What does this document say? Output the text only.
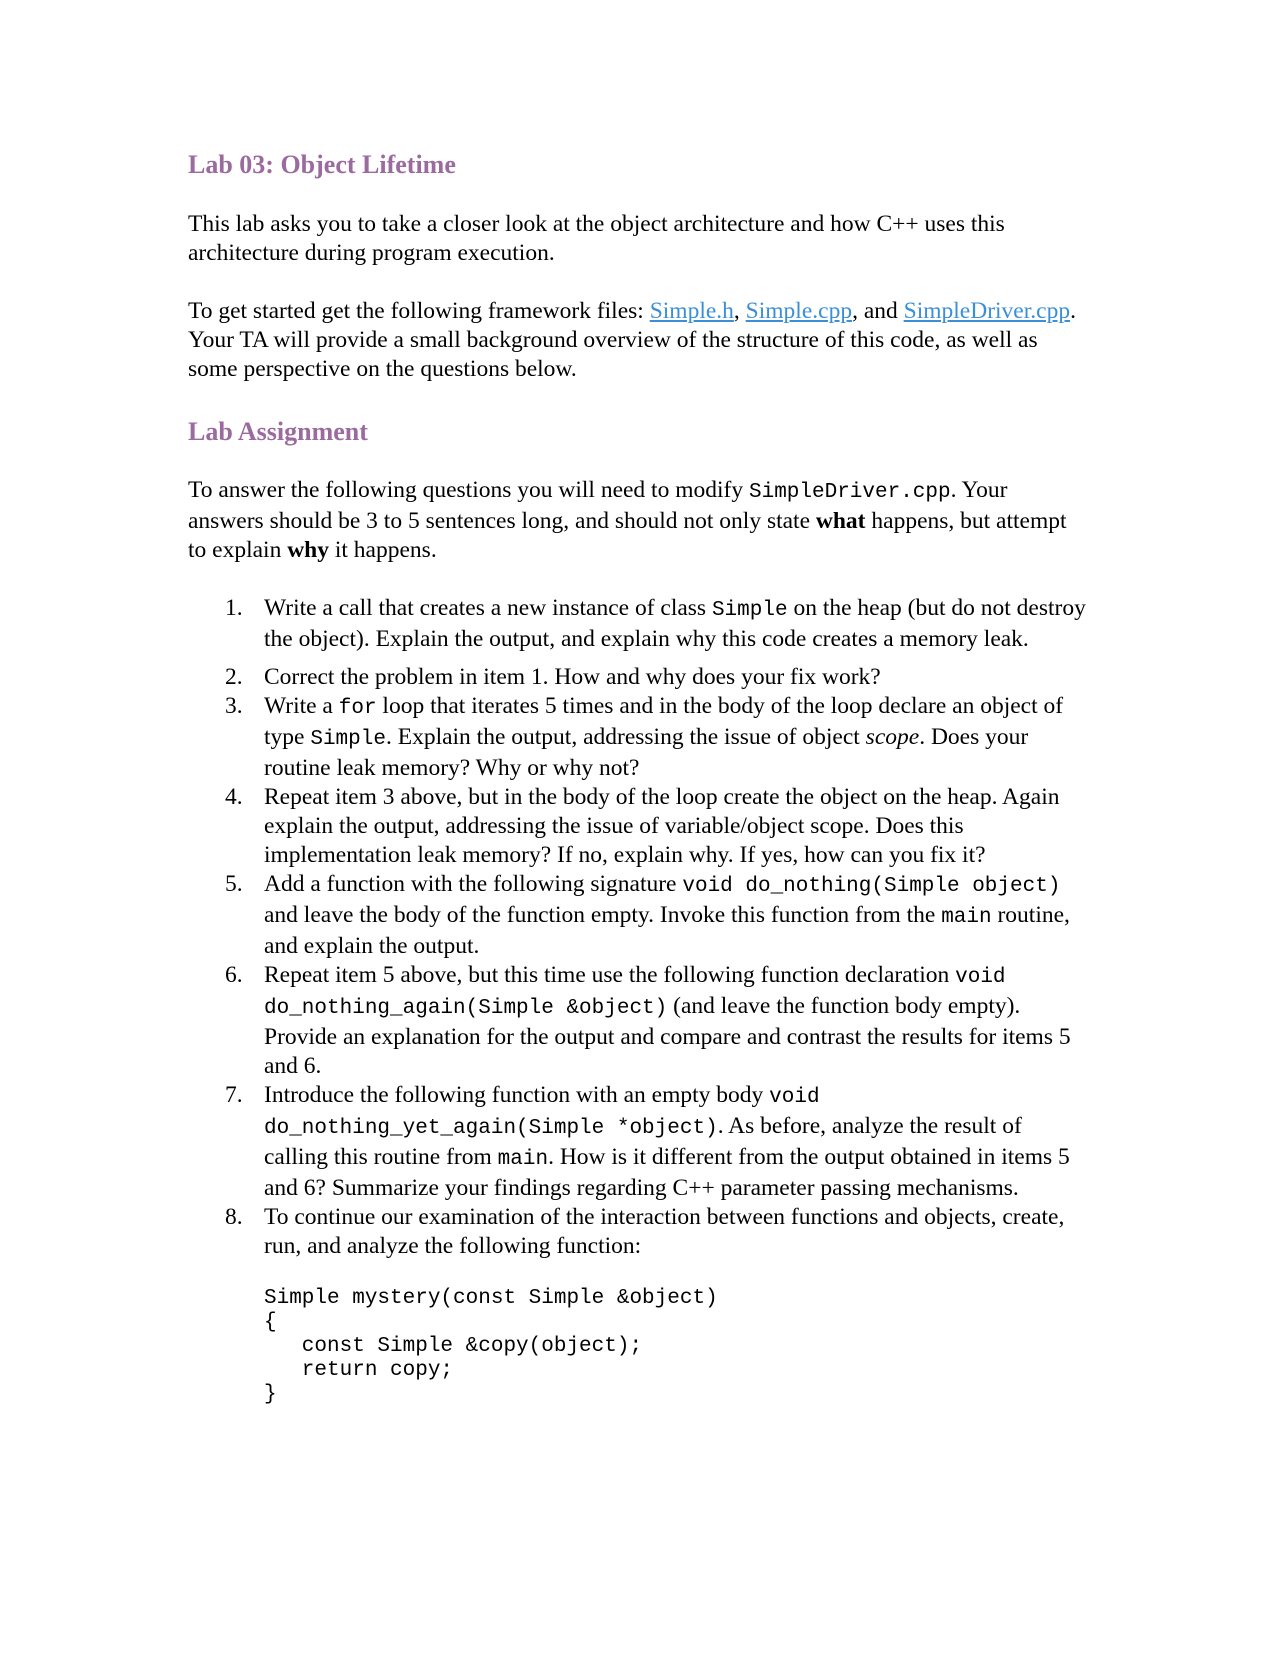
Lab 03: Object Lifetime

This lab asks you to take a closer look at the object architecture and how C++ uses this architecture during program execution.

To get started get the following framework files: Simple.h, Simple.cpp, and SimpleDriver.cpp. Your TA will provide a small background overview of the structure of this code, as well as some perspective on the questions below.

Lab Assignment

To answer the following questions you will need to modify SimpleDriver.cpp. Your answers should be 3 to 5 sentences long, and should not only state what happens, but attempt to explain why it happens.

1. Write a call that creates a new instance of class Simple on the heap (but do not destroy the object). Explain the output, and explain why this code creates a memory leak.
2. Correct the problem in item 1. How and why does your fix work?
3. Write a for loop that iterates 5 times and in the body of the loop declare an object of type Simple. Explain the output, addressing the issue of object scope. Does your routine leak memory? Why or why not?
4. Repeat item 3 above, but in the body of the loop create the object on the heap. Again explain the output, addressing the issue of variable/object scope. Does this implementation leak memory? If no, explain why. If yes, how can you fix it?
5. Add a function with the following signature void do_nothing(Simple object) and leave the body of the function empty. Invoke this function from the main routine, and explain the output.
6. Repeat item 5 above, but this time use the following function declaration void do_nothing_again(Simple &object) (and leave the function body empty). Provide an explanation for the output and compare and contrast the results for items 5 and 6.
7. Introduce the following function with an empty body void do_nothing_yet_again(Simple *object). As before, analyze the result of calling this routine from main. How is it different from the output obtained in items 5 and 6? Summarize your findings regarding C++ parameter passing mechanisms.
8. To continue our examination of the interaction between functions and objects, create, run, and analyze the following function:
Simple mystery(const Simple &object)
{
const Simple &copy(object);
return copy;
}
